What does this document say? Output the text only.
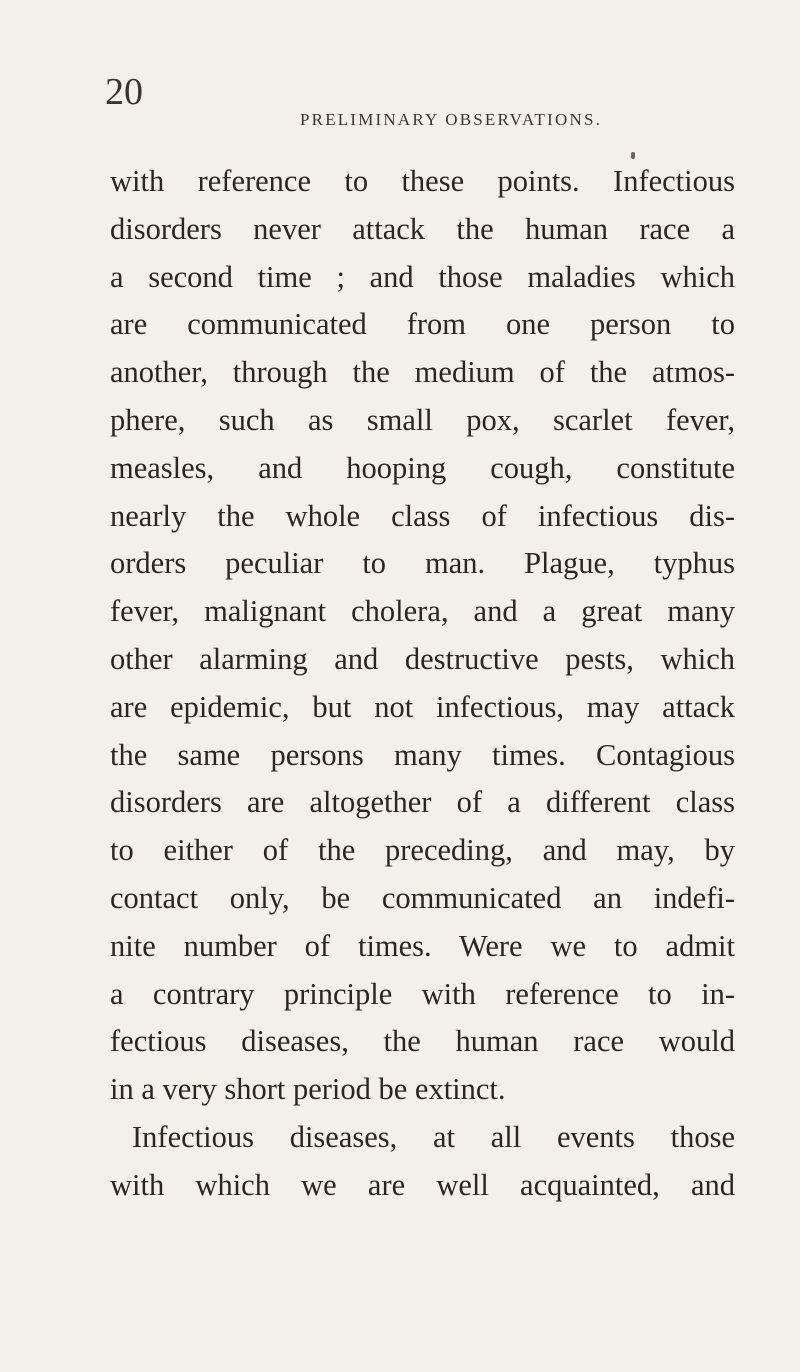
20
PRELIMINARY OBSERVATIONS.
with reference to these points. Infectious
disorders never attack the human race a
a second time ; and those maladies which
are communicated from one person to
another, through the medium of the atmos-
phere, such as small pox, scarlet fever,
measles, and hooping cough, constitute
nearly the whole class of infectious dis-
orders peculiar to man. Plague, typhus
fever, malignant cholera, and a great many
other alarming and destructive pests, which
are epidemic, but not infectious, may attack
the same persons many times. Contagious
disorders are altogether of a different class
to either of the preceding, and may, by
contact only, be communicated an indefi-
nite number of times. Were we to admit
a contrary principle with reference to in-
fectious diseases, the human race would
in a very short period be extinct.
Infectious diseases, at all events those
with which we are well acquainted, and
